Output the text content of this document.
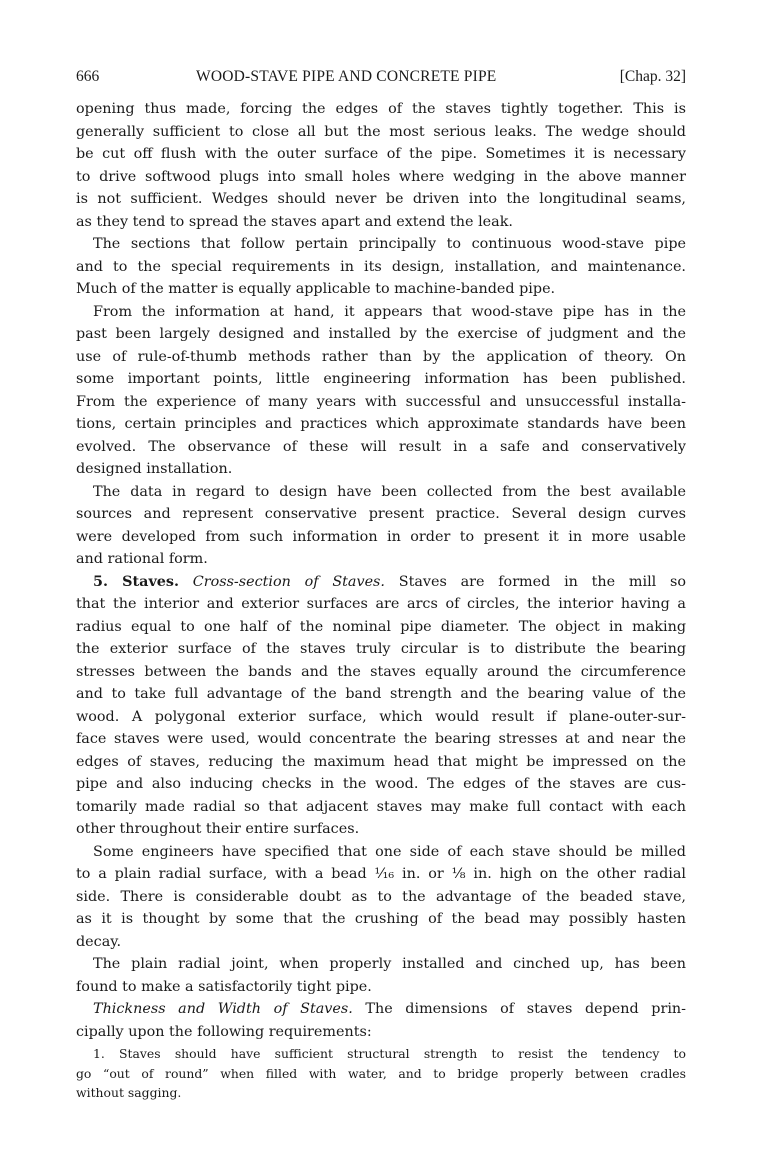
666	WOOD-STAVE PIPE AND CONCRETE PIPE	[Chap. 32]
opening thus made, forcing the edges of the staves tightly together. This is
generally sufficient to close all but the most serious leaks. The wedge should
be cut off flush with the outer surface of the pipe. Sometimes it is necessary
to drive softwood plugs into small holes where wedging in the above manner
is not sufficient. Wedges should never be driven into the longitudinal seams,
as they tend to spread the staves apart and extend the leak.
The sections that follow pertain principally to continuous wood-stave pipe
and to the special requirements in its design, installation, and maintenance.
Much of the matter is equally applicable to machine-banded pipe.
From the information at hand, it appears that wood-stave pipe has in the
past been largely designed and installed by the exercise of judgment and the
use of rule-of-thumb methods rather than by the application of theory. On
some important points, little engineering information has been published.
From the experience of many years with successful and unsuccessful installa-
tions, certain principles and practices which approximate standards have been
evolved. The observance of these will result in a safe and conservatively
designed installation.
The data in regard to design have been collected from the best available
sources and represent conservative present practice. Several design curves
were developed from such information in order to present it in more usable
and rational form.
5. Staves. Cross-section of Staves. Staves are formed in the mill so
that the interior and exterior surfaces are arcs of circles, the interior having a
radius equal to one half of the nominal pipe diameter. The object in making
the exterior surface of the staves truly circular is to distribute the bearing
stresses between the bands and the staves equally around the circumference
and to take full advantage of the band strength and the bearing value of the
wood. A polygonal exterior surface, which would result if plane-outer-sur-
face staves were used, would concentrate the bearing stresses at and near the
edges of staves, reducing the maximum head that might be impressed on the
pipe and also inducing checks in the wood. The edges of the staves are cus-
tomarily made radial so that adjacent staves may make full contact with each
other throughout their entire surfaces.
Some engineers have specified that one side of each stave should be milled
to a plain radial surface, with a bead ¹⁄₁₆ in. or ⅛ in. high on the other radial
side. There is considerable doubt as to the advantage of the beaded stave,
as it is thought by some that the crushing of the bead may possibly hasten
decay.
The plain radial joint, when properly installed and cinched up, has been
found to make a satisfactorily tight pipe.
Thickness and Width of Staves. The dimensions of staves depend prin-
cipally upon the following requirements:
1. Staves should have sufficient structural strength to resist the tendency to
go “out of round” when filled with water, and to bridge properly between cradles
without sagging.
